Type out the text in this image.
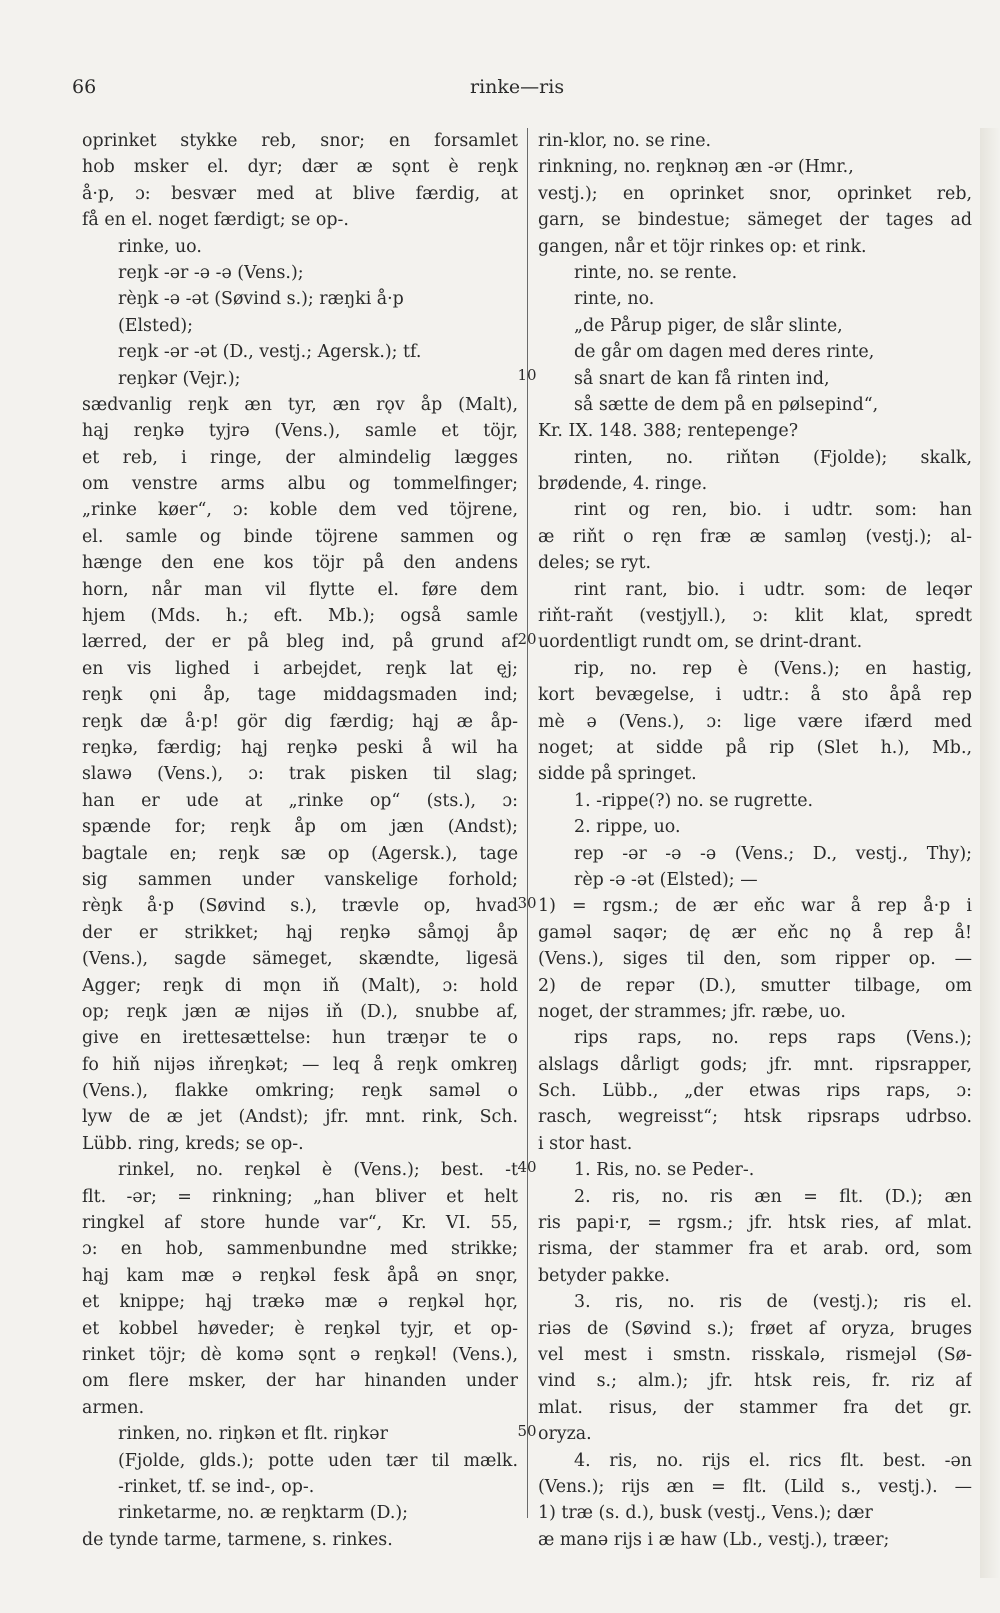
66	rinke—ris
10
20
30
40
50
oprinket stykke reb, snor; en forsamlet
hob msker el. dyr; dær æ sǫnt è reŋk
å·p, ɔ: besvær med at blive færdig, at
få en el. noget færdigt; se op-.
rinke, uo.
reŋk -ər -ə -ə (Vens.);
rèŋk -ə -ət (Søvind s.); ræŋki å·p
(Elsted);
reŋk -ər -ət (D., vestj.; Agersk.); tf.
reŋkər (Vejr.);
sædvanlig reŋk æn tyr, æn rǫv åp (Malt),
hąj reŋkə tyjrə (Vens.), samle et töjr,
et reb, i ringe, der almindelig lægges
om venstre arms albu og tommelfinger;
„rinke køer“, ɔ: koble dem ved töjrene,
el. samle og binde töjrene sammen og
hænge den ene kos töjr på den andens
horn, når man vil flytte el. føre dem
hjem (Mds. h.; eft. Mb.); også samle
lærred, der er på bleg ind, på grund af
en vis lighed i arbejdet, reŋk lat ęj;
reŋk ǫni åp, tage middagsmaden ind;
reŋk dæ å·p! gör dig færdig; hąj æ åp-
reŋkə, færdig; hąj reŋkə peski å wil ha
slawə (Vens.), ɔ: trak pisken til slag;
han er ude at „rinke op“ (sts.), ɔ:
spænde for; reŋk åp om jæn (Andst);
bagtale en; reŋk sæ op (Agersk.), tage
sig sammen under vanskelige forhold;
rèŋk å·p (Søvind s.), trævle op, hvad
der er strikket; hąj reŋkə såmǫj åp
(Vens.), sagde sämeget, skændte, ligesä
Agger; reŋk di mǫn iň (Malt), ɔ: hold
op; reŋk jæn æ nijəs iň (D.), snubbe af,
give en irettesættelse: hun træŋər te o
fo hiň nijəs iňreŋkət; — leq å reŋk omkreŋ
(Vens.), flakke omkring; reŋk samǝl o
lyw de æ jet (Andst); jfr. mnt. rink, Sch.
Lübb. ring, kreds; se op-.
rinkel, no. reŋkəl è (Vens.); best. -t
flt. -ər; = rinkning; „han bliver et helt
ringkel af store hunde var“, Kr. VI. 55,
ɔ: en hob, sammenbundne med strikke;
hąj kam mæ ə reŋkəl fesk åpå ən snǫr,
et knippe; hąj trækə mæ ə reŋkəl hǫr,
et kobbel høveder; è reŋkəl tyjr, et op-
rinket töjr; dè komə sǫnt ə reŋkəl! (Vens.),
om flere msker, der har hinanden under
armen.
rinken, no. riŋkən et flt. riŋkər
(Fjolde, glds.); potte uden tær til mælk.
-rinket, tf. se ind-, op-.
rinketarme, no. æ reŋktarm (D.);
de tynde tarme, tarmene, s. rinkes.
rin-klor, no. se rine.
rinkning, no. reŋknəŋ æn -ər (Hmr.,
vestj.); en oprinket snor, oprinket reb,
garn, se bindestue; sämeget der tages ad
gangen, når et töjr rinkes op: et rink.
rinte, no. se rente.
rinte, no.
„de Pårup piger, de slår slinte,
de går om dagen med deres rinte,
så snart de kan få rinten ind,
så sætte de dem på en pølsepind“,
Kr. IX. 148. 388; rentepenge?
rinten, no. riňtən (Fjolde); skalk,
brødende, 4. ringe.
rint og ren, bio. i udtr. som: han
æ riňt o ręn fræ æ samləŋ (vestj.); al-
deles; se ryt.
rint rant, bio. i udtr. som: de leqər
riňt-raňt (vestjyll.), ɔ: klit klat, spredt
uordentligt rundt om, se drint-drant.
rip, no. rep è (Vens.); en hastig,
kort bevægelse, i udtr.: å sto åpå rep
mè ə (Vens.), ɔ: lige være ifærd med
noget; at sidde på rip (Slet h.), Mb.,
sidde på springet.
1. -rippe(?) no. se rugrette.
2. rippe, uo.
rep -ər -ə -ə (Vens.; D., vestj., Thy);
rèp -ə -ət (Elsted); —
1) = rgsm.; de ær eňc war å rep å·p i
gaməl saqər; dę ær eňc nǫ å rep å!
(Vens.), siges til den, som ripper op. —
2) de repər (D.), smutter tilbage, om
noget, der strammes; jfr. ræbe, uo.
rips raps, no. reps raps (Vens.);
alslags dårligt gods; jfr. mnt. ripsrapper,
Sch. Lübb., „der etwas rips raps, ɔ:
rasch, wegreisst“; htsk ripsraps udrbso.
i stor hast.
1. Ris, no. se Peder-.
2. ris, no. ris æn = flt. (D.); æn
ris papi·r, = rgsm.; jfr. htsk ries, af mlat.
risma, der stammer fra et arab. ord, som
betyder pakke.
3. ris, no. ris de (vestj.); ris el.
riəs de (Søvind s.); frøet af oryza, bruges
vel mest i smstn. risskalə, rismejəl (Sø-
vind s.; alm.); jfr. htsk reis, fr. riz af
mlat. risus, der stammer fra det gr.
oryza.
4. ris, no. rijs el. rics flt. best. -ən
(Vens.); rijs æn = flt. (Lild s., vestj.). —
1) træ (s. d.), busk (vestj., Vens.); dær
æ manə rijs i æ haw (Lb., vestj.), træer;
